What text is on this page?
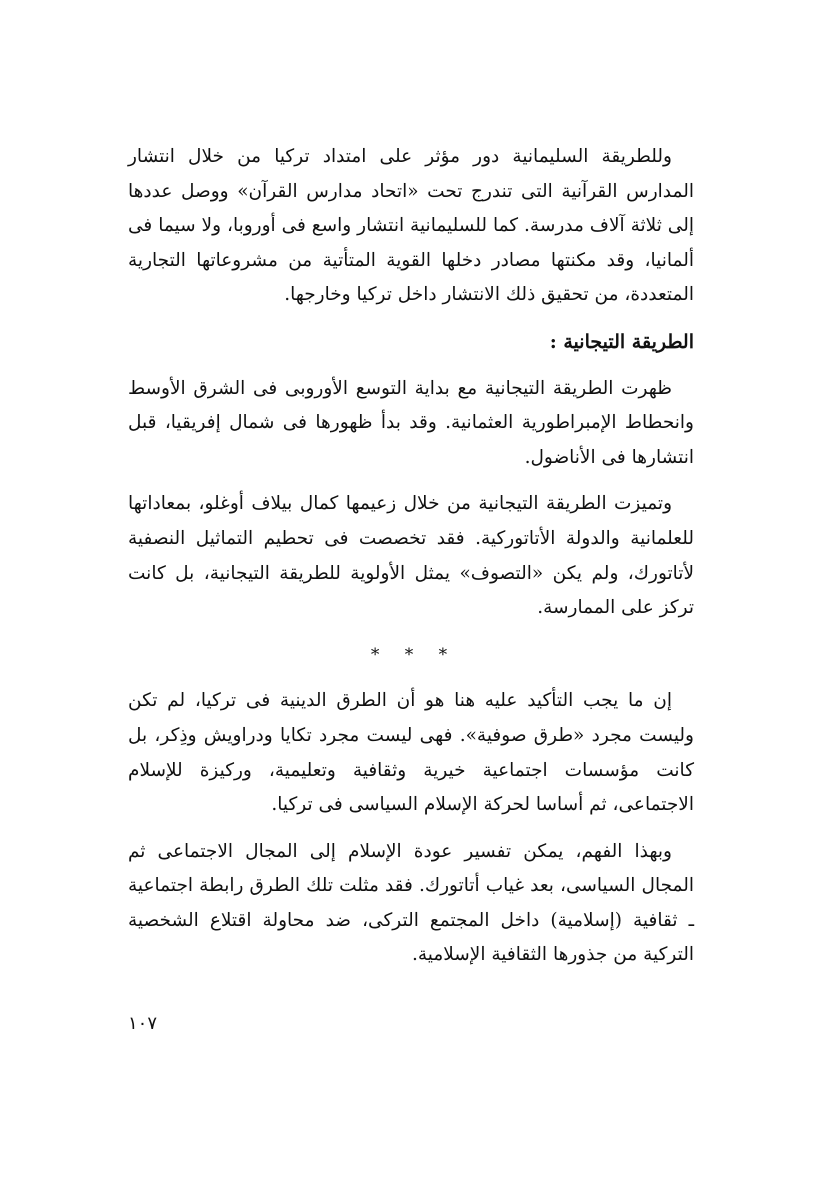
وللطريقة السليمانية دور مؤثر على امتداد تركيا من خلال انتشار المدارس القرآنية التى تندرج تحت «اتحاد مدارس القرآن» ووصل عددها إلى ثلاثة آلاف مدرسة. كما للسليمانية انتشار واسع فى أوروبا، ولا سيما فى ألمانيا، وقد مكنتها مصادر دخلها القوية المتأتية من مشروعاتها التجارية المتعددة، من تحقيق ذلك الانتشار داخل تركيا وخارجها.

الطريقة التيجانية :

ظهرت الطريقة التيجانية مع بداية التوسع الأوروبى فى الشرق الأوسط وانحطاط الإمبراطورية العثمانية. وقد بدأ ظهورها فى شمال إفريقيا، قبل انتشارها فى الأناضول.

وتميزت الطريقة التيجانية من خلال زعيمها كمال بيلاف أوغلو، بمعاداتها للعلمانية والدولة الأتاتوركية. فقد تخصصت فى تحطيم التماثيل النصفية لأتاتورك، ولم يكن «التصوف» يمثل الأولوية للطريقة التيجانية، بل كانت تركز على الممارسة.

* * *

إن ما يجب التأكيد عليه هنا هو أن الطرق الدينية فى تركيا، لم تكن وليست مجرد «طرق صوفية». فهى ليست مجرد تكايا ودراويش وذِكر، بل كانت مؤسسات اجتماعية خيرية وثقافية وتعليمية، وركيزة للإسلام الاجتماعى، ثم أساسا لحركة الإسلام السياسى فى تركيا.

وبهذا الفهم، يمكن تفسير عودة الإسلام إلى المجال الاجتماعى ثم المجال السياسى، بعد غياب أتاتورك. فقد مثلت تلك الطرق رابطة اجتماعية ـ ثقافية (إسلامية) داخل المجتمع التركى، ضد محاولة اقتلاع الشخصية التركية من جذورها الثقافية الإسلامية.

١٠٧
